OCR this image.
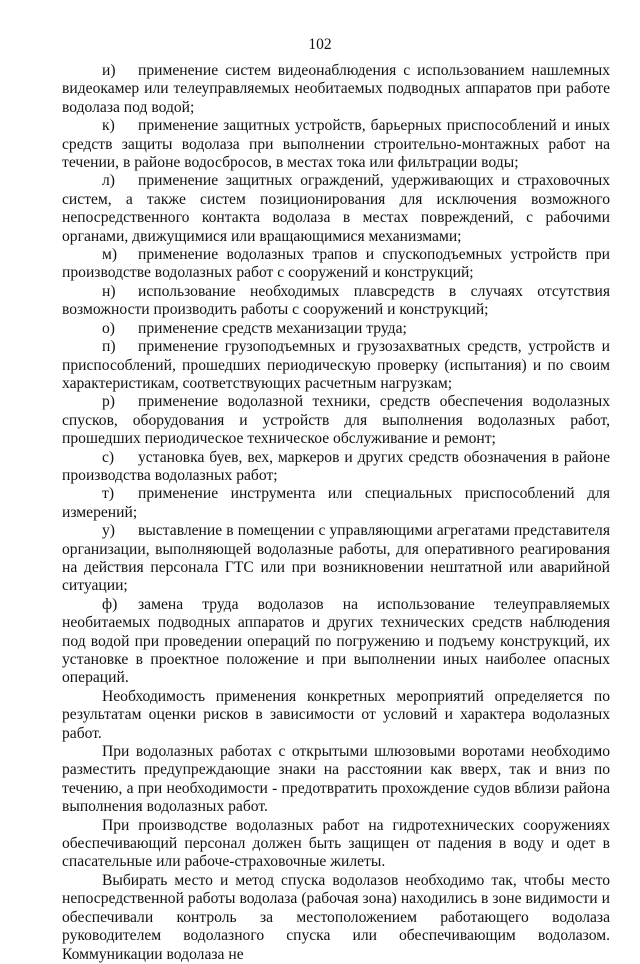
102

и) применение систем видеонаблюдения с использованием нашлемных видеокамер или телеуправляемых необитаемых подводных аппаратов при работе водолаза под водой;

к) применение защитных устройств, барьерных приспособлений и иных средств защиты водолаза при выполнении строительно-монтажных работ на течении, в районе водосбросов, в местах тока или фильтрации воды;

л) применение защитных ограждений, удерживающих и страховочных систем, а также систем позиционирования для исключения возможного непосредственного контакта водолаза в местах повреждений, с рабочими органами, движущимися или вращающимися механизмами;

м) применение водолазных трапов и спускоподъемных устройств при производстве водолазных работ с сооружений и конструкций;

н) использование необходимых плавсредств в случаях отсутствия возможности производить работы с сооружений и конструкций;

о) применение средств механизации труда;

п) применение грузоподъемных и грузозахватных средств, устройств и приспособлений, прошедших периодическую проверку (испытания) и по своим характеристикам, соответствующих расчетным нагрузкам;

р) применение водолазной техники, средств обеспечения водолазных спусков, оборудования и устройств для выполнения водолазных работ, прошедших периодическое техническое обслуживание и ремонт;

с) установка буев, вех, маркеров и других средств обозначения в районе производства водолазных работ;

т) применение инструмента или специальных приспособлений для

измерений;

у) выставление в помещении с управляющими агрегатами представителя организации, выполняющей водолазные работы, для оперативного реагирования на действия персонала ГТС или при возникновении нештатной или аварийной ситуации;

ф) замена труда водолазов на использование телеуправляемых необитаемых подводных аппаратов и других технических средств наблюдения под водой при проведении операций по погружению и подъему конструкций, их установке в проектное положение и при выполнении иных наиболее опасных операций.

Необходимость применения конкретных мероприятий определяется по результатам оценки рисков в зависимости от условий и характера водолазных работ.

При водолазных работах с открытыми шлюзовыми воротами необходимо разместить предупреждающие знаки на расстоянии как вверх, так и вниз по течению, а при необходимости - предотвратить прохождение судов вблизи района выполнения водолазных работ.

При производстве водолазных работ на гидротехнических сооружениях обеспечивающий персонал должен быть защищен от падения в воду и одет в спасательные или рабоче-страховочные жилеты.

Выбирать место и метод спуска водолазов необходимо так, чтобы место непосредственной работы водолаза (рабочая зона) находились в зоне видимости и обеспечивали контроль за местоположением работающего водолаза руководителем водолазного спуска или обеспечивающим водолазом. Коммуникации водолаза не
